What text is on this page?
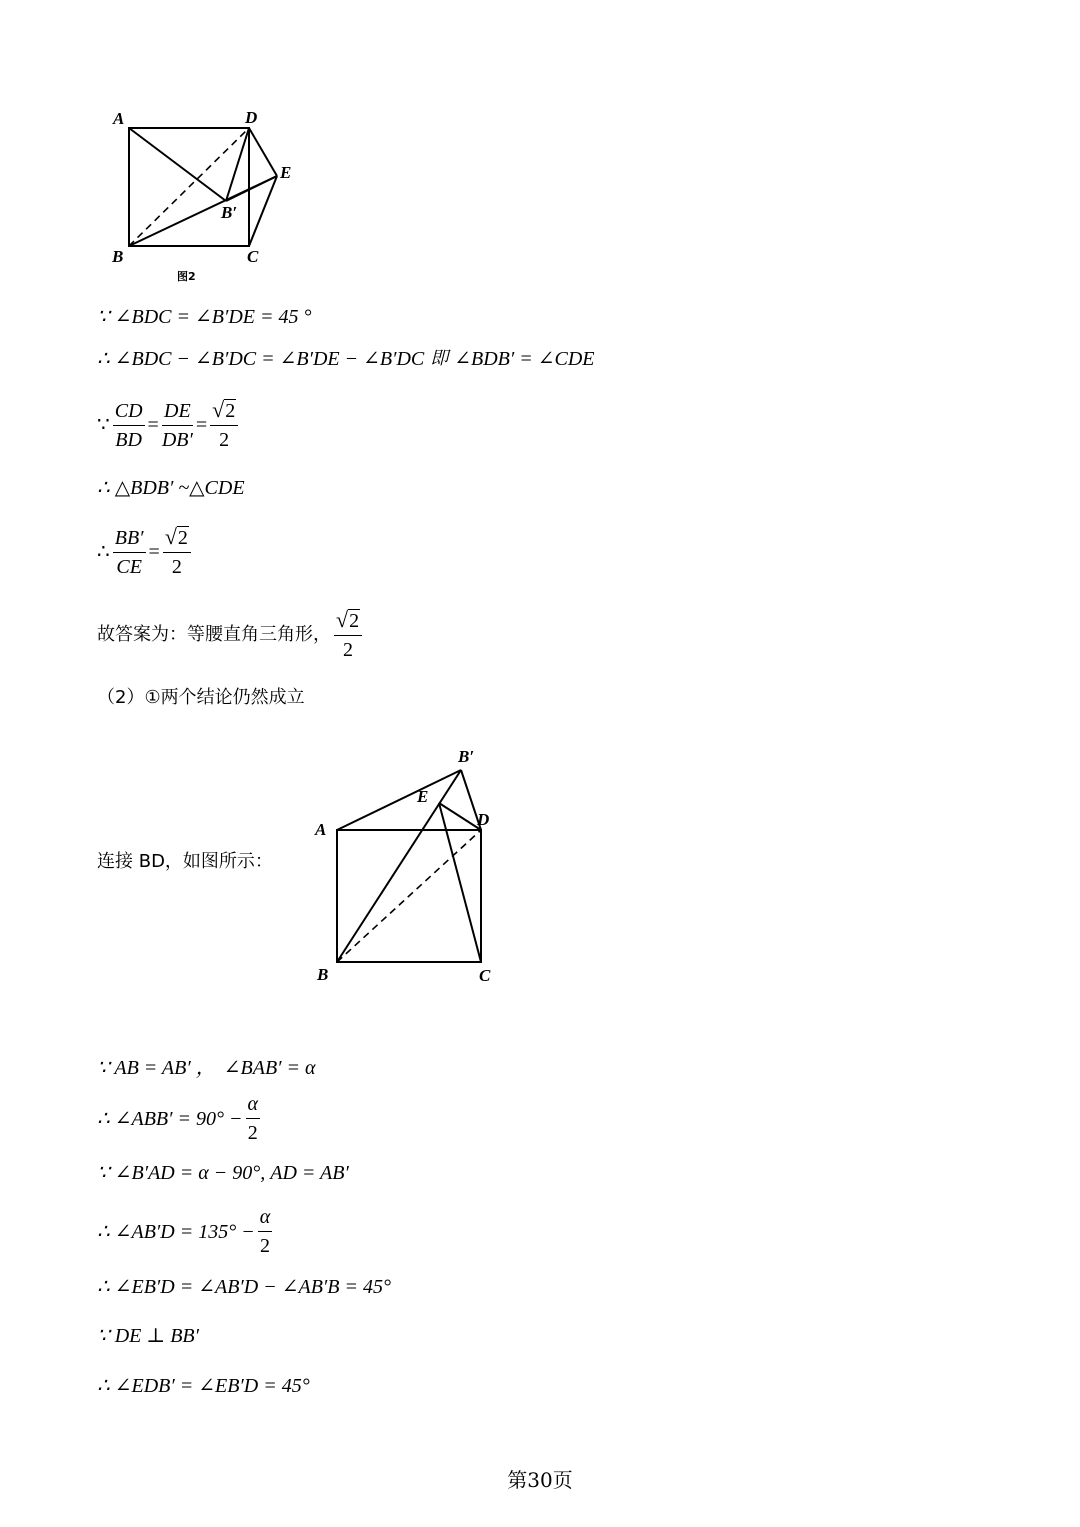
A	D
E
B′
B	C
图2
∵ ∠BDC = ∠B′DE = 45 °
∴ ∠BDC − ∠B′DC = ∠B′DE − ∠B′DC 即 ∠BDB′ = ∠CDE
∵ $\frac{CD}{BD} = \frac{DE}{DB'} = \frac{√ 2}{2}$
∴ △BDB′ ~△CDE
∴ $\frac{BB'}{CE} = \frac{√ 2}{2}$
故答案为：等腰直角三角形， $\frac{√ 2}{2}$
（2）①两个结论仍然成立
连接 BD，如图所示：
B′
E
A
D
B	C
∵ AB = AB′ ， ∠BAB′ = α
∴ ∠ABB′ = $90^\circ - \frac{\alpha}{2}$
∵ ∠B′AD = α − 90°, AD = AB′
∴ ∠AB′D = $135^\circ - \frac{\alpha}{2}$
∴ ∠EB′D = ∠AB′D − ∠AB′B = 45°
∵ DE ⊥ BB′
∴ ∠EDB′ = ∠EB′D = 45°
第30页
